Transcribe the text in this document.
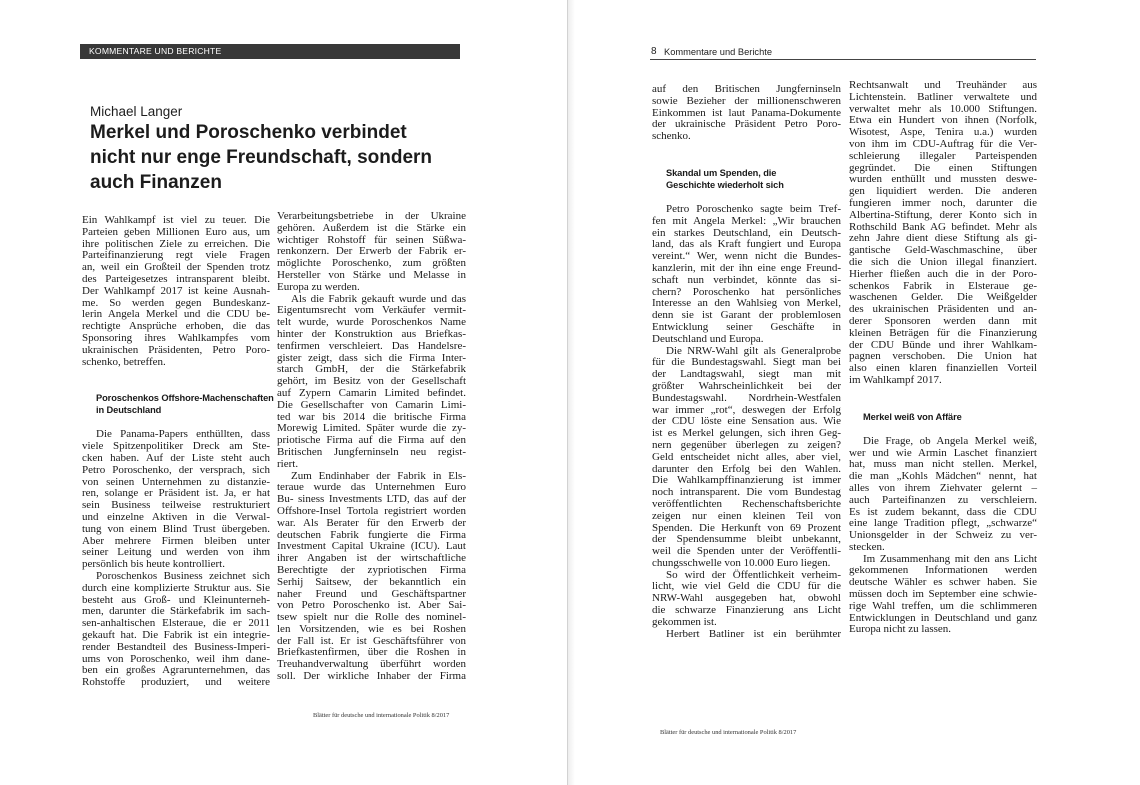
KOMMENTARE UND BERICHTE
Michael Langer
Merkel und Poroschenko verbindet
nicht nur enge Freundschaft, sondern
auch Finanzen
Ein Wahlkampf ist viel zu teuer. Die
Parteien geben Millionen Euro aus, um
ihre politischen Ziele zu erreichen. Die
Parteifinanzierung regt viele Fragen
an, weil ein Großteil der Spenden trotz
des Parteigesetzes intransparent bleibt.
Der Wahlkampf 2017 ist keine Ausnah-
me. So werden gegen Bundeskanz-
lerin Angela Merkel und die CDU be-
rechtigte Ansprüche erhoben, die das
Sponsoring ihres Wahlkampfes vom
ukrainischen Präsidenten, Petro Poro-
schenko, betreffen.
Poroschenkos Offshore-Machenschaften
in Deutschland
Die Panama-Papers enthüllten, dass
viele Spitzenpolitiker Dreck am Ste-
cken haben. Auf der Liste steht auch
Petro Poroschenko, der versprach, sich
von seinen Unternehmen zu distanzie-
ren, solange er Präsident ist. Ja, er hat
sein Business teilweise restrukturiert
und einzelne Aktiven in die Verwal-
tung von einem Blind Trust übergeben.
Aber mehrere Firmen bleiben unter
seiner Leitung und werden von ihm
persönlich bis heute kontrolliert.
Poroschenkos Business zeichnet sich
durch eine komplizierte Struktur aus. Sie
besteht aus Groß- und Kleinunterneh-
men, darunter die Stärkefabrik im sach-
sen-anhaltischen Elsteraue, die er 2011
gekauft hat. Die Fabrik ist ein integrie-
render Bestandteil des Business-Imperi-
ums von Poroschenko, weil ihm dane-
ben ein großes Agrarunternehmen, das
Rohstoffe produziert, und weitere
Verarbeitungsbetriebe in der Ukraine
gehören. Außerdem ist die Stärke ein
wichtiger Rohstoff für seinen Süßwa-
renkonzern. Der Erwerb der Fabrik er-
möglichte Poroschenko, zum größten
Hersteller von Stärke und Melasse in
Europa zu werden.
Als die Fabrik gekauft wurde und das
Eigentumsrecht vom Verkäufer vermit-
telt wurde, wurde Poroschenkos Name
hinter der Konstruktion aus Briefkas-
tenfirmen verschleiert. Das Handelsre-
gister zeigt, dass sich die Firma Inter-
starch GmbH, der die Stärkefabrik
gehört, im Besitz von der Gesellschaft
auf Zypern Camarin Limited befindet.
Die Gesellschafter von Camarin Limi-
ted war bis 2014 die britische Firma
Morewig Limited. Später wurde die zy-
priotische Firma auf die Firma auf den
Britischen Jungferninseln neu regist-
riert.
Zum Endinhaber der Fabrik in Els-
teraue wurde das Unternehmen Euro
Bu- siness Investments LTD, das auf der
Offshore-Insel Tortola registriert worden
war. Als Berater für den Erwerb der
deutschen Fabrik fungierte die Firma
Investment Capital Ukraine (ICU). Laut
ihrer Angaben ist der wirtschaftliche
Berechtigte der zypriotischen Firma
Serhij Saitsew, der bekanntlich ein
naher Freund und Geschäftspartner
von Petro Poroschenko ist. Aber Sai-
tsew spielt nur die Rolle des nominel-
len Vorsitzenden, wie es bei Roshen
der Fall ist. Er ist Geschäftsführer von
Briefkastenfirmen, über die Roshen in
Treuhandverwaltung überführt worden
soll. Der wirkliche Inhaber der Firma
Blätter für deutsche und internationale Politik 8/2017
8 Kommentare und Berichte
auf den Britischen Jungferninseln
sowie Bezieher der millionenschweren
Einkommen ist laut Panama-Dokumente
der ukrainische Präsident Petro Poro-
schenko.
Skandal um Spenden, die
Geschichte wiederholt sich
Petro Poroschenko sagte beim Tref-
fen mit Angela Merkel: „Wir brauchen
ein starkes Deutschland, ein Deutsch-
land, das als Kraft fungiert und Europa
vereint.“ Wer, wenn nicht die Bundes-
kanzlerin, mit der ihn eine enge Freund-
schaft nun verbindet, könnte das si-
chern? Poroschenko hat persönliches
Interesse an den Wahlsieg von Merkel,
denn sie ist Garant der problemlosen
Entwicklung seiner Geschäfte in
Deutschland und Europa.
Die NRW-Wahl gilt als Generalprobe
für die Bundestagswahl. Siegt man bei
der Landtagswahl, siegt man mit
größter Wahrscheinlichkeit bei der
Bundestagswahl. Nordrhein-Westfalen
war immer „rot“, deswegen der Erfolg
der CDU löste eine Sensation aus. Wie
ist es Merkel gelungen, sich ihren Geg-
nern gegenüber überlegen zu zeigen?
Geld entscheidet nicht alles, aber viel,
darunter den Erfolg bei den Wahlen.
Die Wahlkampffinanzierung ist immer
noch intransparent. Die vom Bundestag
veröffentlichten Rechenschaftsberichte
zeigen nur einen kleinen Teil von
Spenden. Die Herkunft von 69 Prozent
der Spendensumme bleibt unbekannt,
weil die Spenden unter der Veröffentli-
chungsschwelle von 10.000 Euro liegen.
So wird der Öffentlichkeit verheim-
licht, wie viel Geld die CDU für die
NRW-Wahl ausgegeben hat, obwohl
die schwarze Finanzierung ans Licht
gekommen ist.
Herbert Batliner ist ein berühmter
Rechtsanwalt und Treuhänder aus
Lichtenstein. Batliner verwaltete und
verwaltet mehr als 10.000 Stiftungen.
Etwa ein Hundert von ihnen (Norfolk,
Wisotest, Aspe, Tenira u.a.) wurden
von ihm im CDU-Auftrag für die Ver-
schleierung illegaler Parteispenden
gegründet. Die einen Stiftungen
wurden enthüllt und mussten deswe-
gen liquidiert werden. Die anderen
fungieren immer noch, darunter die
Albertina-Stiftung, derer Konto sich in
Rothschild Bank AG befindet. Mehr als
zehn Jahre dient diese Stiftung als gi-
gantische Geld-Waschmaschine, über
die sich die Union illegal finanziert.
Hierher fließen auch die in der Poro-
schenkos Fabrik in Elsteraue ge-
waschenen Gelder. Die Weißgelder
des ukrainischen Präsidenten und an-
derer Sponsoren werden dann mit
kleinen Beträgen für die Finanzierung
der CDU Bünde und ihrer Wahlkam-
pagnen verschoben. Die Union hat
also einen klaren finanziellen Vorteil
im Wahlkampf 2017.
Merkel weiß von Affäre
Die Frage, ob Angela Merkel weiß,
wer und wie Armin Laschet finanziert
hat, muss man nicht stellen. Merkel,
die man „Kohls Mädchen“ nennt, hat
alles von ihrem Ziehvater gelernt –
auch Parteifinanzen zu verschleiern.
Es ist zudem bekannt, dass die CDU
eine lange Tradition pflegt, „schwarze“
Unionsgelder in der Schweiz zu ver-
stecken.
Im Zusammenhang mit den ans Licht
gekommenen Informationen werden
deutsche Wähler es schwer haben. Sie
müssen doch im September eine schwie-
rige Wahl treffen, um die schlimmeren
Entwicklungen in Deutschland und ganz
Europa nicht zu lassen.
Blätter für deutsche und internationale Politik 8/2017
